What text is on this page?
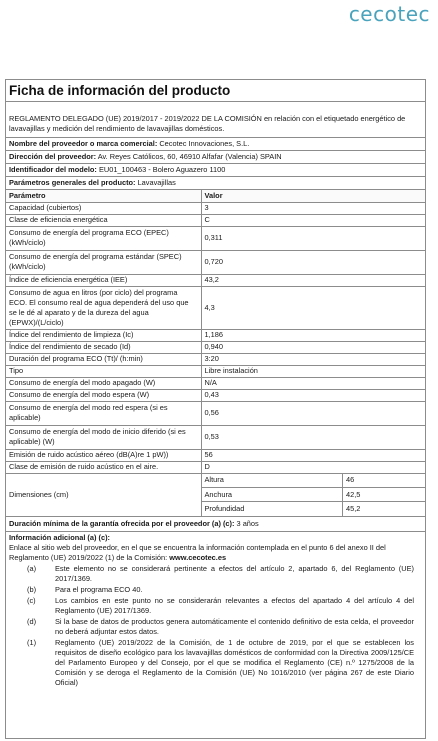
cecotec
Ficha de información del producto
REGLAMENTO DELEGADO (UE) 2019/2017 - 2019/2022 DE LA COMISIÓN en relación con el etiquetado energético de lavavajillas y medición del rendimiento de lavavajillas domésticos.
Nombre del proveedor o marca comercial: Cecotec Innovaciones, S.L.
Dirección del proveedor: Av. Reyes Católicos, 60, 46910 Alfafar (Valencia) SPAIN
Identificador del modelo: EU01_100463 - Bolero Aguazero 1100
Parámetros generales del producto: Lavavajillas
Parámetro	Valor
Capacidad (cubiertos)	3
Clase de eficiencia energética	C
Consumo de energía del programa ECO (EPEC) (kWh/ciclo)	0,311
Consumo de energía del programa estándar (SPEC) (kWh/ciclo)	0,720
Índice de eficiencia energética (IEE)	43,2
Consumo de agua en litros (por ciclo) del programa ECO. El consumo real de agua dependerá del uso que se le dé al aparato y de la dureza del agua (EPWX)/(L/ciclo)	4,3
Índice del rendimiento de limpieza (Ic)	1,186
Índice del rendimiento de secado (Id)	0,940
Duración del programa ECO (Tt)/ (h:min)	3:20
Tipo	Libre instalación
Consumo de energía del modo apagado (W)	N/A
Consumo de energía del modo espera (W)	0,43
Consumo de energía del modo red espera (si es aplicable)	0,56
Consumo de energía del modo de inicio diferido (si es aplicable) (W)	0,53
Emisión de ruido acústico aéreo (dB(A)re 1 pW))	56
Clase de emisión de ruido acústico en el aire.	D
Dimensiones (cm)	
Altura	46
Anchura	42,5
Profundidad	45,2
Duración mínima de la garantía ofrecida por el proveedor (a) (c): 3 años
Información adicional (a) (c):
Enlace al sitio web del proveedor, en el que se encuentra la información contemplada en el punto 6 del anexo II del Reglamento (UE) 2019/2022 (1) de la Comisión: www.cecotec.es
(a)	Este elemento no se considerará pertinente a efectos del artículo 2, apartado 6, del Reglamento (UE) 2017/1369.
(b)	Para el programa ECO 40.
(c)	Los cambios en este punto no se considerarán relevantes a efectos del apartado 4 del artículo 4 del Reglamento (UE) 2017/1369.
(d)	Si la base de datos de productos genera automáticamente el contenido definitivo de esta celda, el proveedor no deberá adjuntar estos datos.
(1)	Reglamento (UE) 2019/2022 de la Comisión, de 1 de octubre de 2019, por el que se establecen los requisitos de diseño ecológico para los lavavajillas domésticos de conformidad con la Directiva 2009/125/CE del Parlamento Europeo y del Consejo, por el que se modifica el Reglamento (CE) n.º 1275/2008 de la Comisión y se deroga el Reglamento de la Comisión (UE) No 1016/2010 (ver página 267 de este Diario Oficial)
